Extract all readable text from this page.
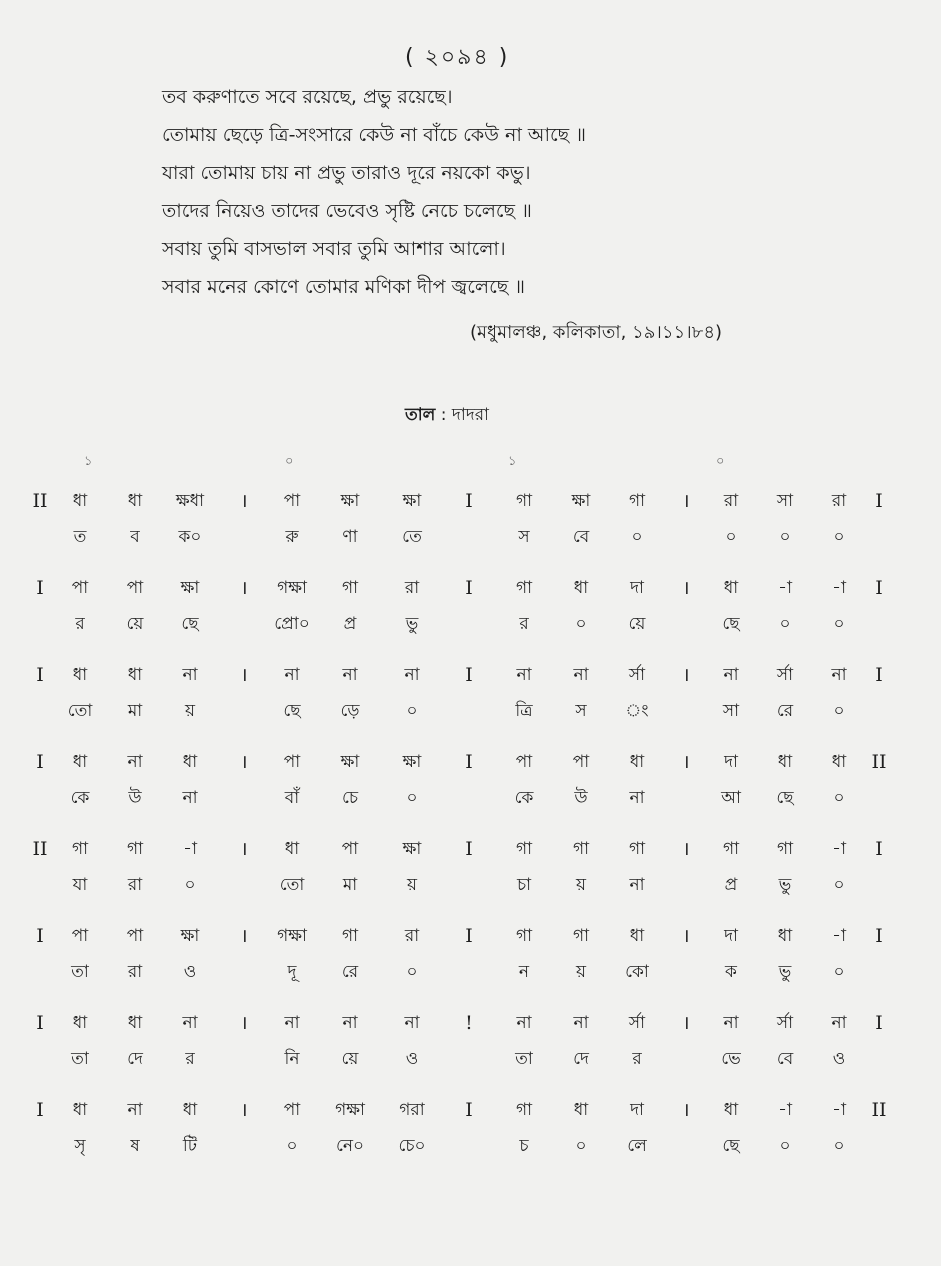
( ২০৯৪ )
তব করুণাতে সবে রয়েছে, প্রভু রয়েছে।
তোমায় ছেড়ে ত্রি-সংসারে কেউ না বাঁচে কেউ না আছে ॥
যারা তোমায় চায় না প্রভু তারাও দূরে নয়কো কভু।
তাদের নিয়েও তাদের ভেবেও সৃষ্টি নেচে চলেছে ॥
সবায় তুমি বাসভাল সবার তুমি আশার আলো।
সবার মনের কোণে তোমার মণিকা দীপ জ্বলেছে ॥
(মধুমালঞ্চ, কলিকাতা, ১৯।১১।৮৪)
তাল : দাদরা
১	০	১	০
II	।	I	।	I
ধা	ধা	ক্ষধা	পা	ক্ষা	ক্ষা	গা	ক্ষা	গা	রা	সা	রা
ত	ব	ক০	রু	ণা	তে	স	বে	০	০	০	০
I	।	I	।	I
পা	পা	ক্ষা	গক্ষা	গা	রা	গা	ধা	দা	ধা	-া	-া
র	য়ে	ছে	প্রো০	প্র	ভু	র	০	য়ে	ছে	০	০
I	।	I	।	I
ধা	ধা	না	না	না	না	না	না	র্সা	না	র্সা	না
তো	মা	য়	ছে	ড়ে	০	ত্রি	স	ং	সা	রে	০
I	।	I	।	II
ধা	না	ধা	পা	ক্ষা	ক্ষা	পা	পা	ধা	দা	ধা	ধা
কে	উ	না	বাঁ	চে	০	কে	উ	না	আ	ছে	০
II	।	I	।	I
গা	গা	-া	ধা	পা	ক্ষা	গা	গা	গা	গা	গা	-া
যা	রা	০	তো	মা	য়	চা	য়	না	প্র	ভু	০
I	।	I	।	I
পা	পা	ক্ষা	গক্ষা	গা	রা	গা	গা	ধা	দা	ধা	-া
তা	রা	ও	দূ	রে	০	ন	য়	কো	ক	ভু	০
I	।	!	।	I
ধা	ধা	না	না	না	না	না	না	র্সা	না	র্সা	না
তা	দে	র	নি	য়ে	ও	তা	দে	র	ভে	বে	ও
I	।	I	।	II
ধা	না	ধা	পা	গক্ষা	গরা	গা	ধা	দা	ধা	-া	-া
সৃ	ষ	টি	০	নে০	চে০	চ	০	লে	ছে	০	০
